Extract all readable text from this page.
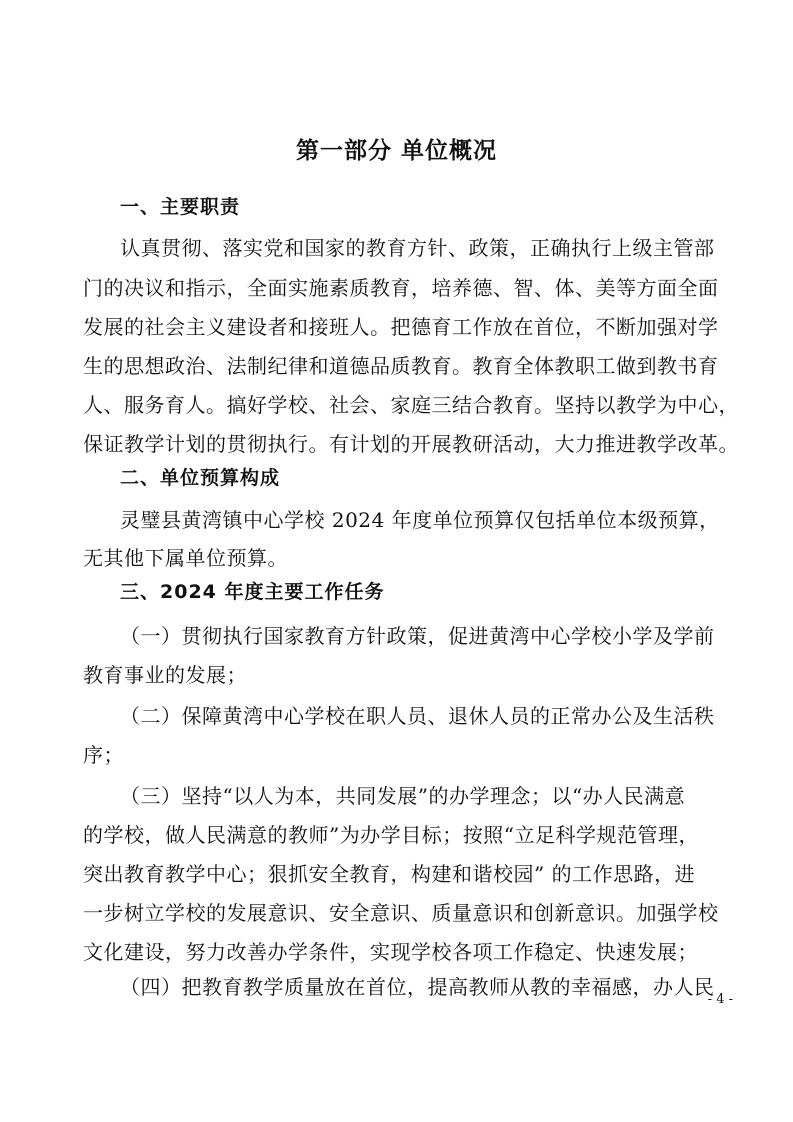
第一部分 单位概况
一、主要职责
认真贯彻、落实党和国家的教育方针、政策，正确执行上级主管部
门的决议和指示，全面实施素质教育，培养德、智、体、美等方面全面
发展的社会主义建设者和接班人。把德育工作放在首位，不断加强对学
生的思想政治、法制纪律和道德品质教育。教育全体教职工做到教书育
人、服务育人。搞好学校、社会、家庭三结合教育。坚持以教学为中心，
保证教学计划的贯彻执行。有计划的开展教研活动，大力推进教学改革。
二、单位预算构成
灵璧县黄湾镇中心学校 2024 年度单位预算仅包括单位本级预算，
无其他下属单位预算。
三、2024 年度主要工作任务
（一）贯彻执行国家教育方针政策，促进黄湾中心学校小学及学前
教育事业的发展；
（二）保障黄湾中心学校在职人员、退休人员的正常办公及生活秩
序；
（三）坚持“以人为本，共同发展”的办学理念；以“办人民满意
的学校，做人民满意的教师”为办学目标；按照“立足科学规范管理，
突出教育教学中心；狠抓安全教育，构建和谐校园” 的工作思路，进
一步树立学校的发展意识、安全意识、质量意识和创新意识。加强学校
文化建设，努力改善办学条件，实现学校各项工作稳定、快速发展；
（四）把教育教学质量放在首位，提高教师从教的幸福感，办人民
- 4 -
